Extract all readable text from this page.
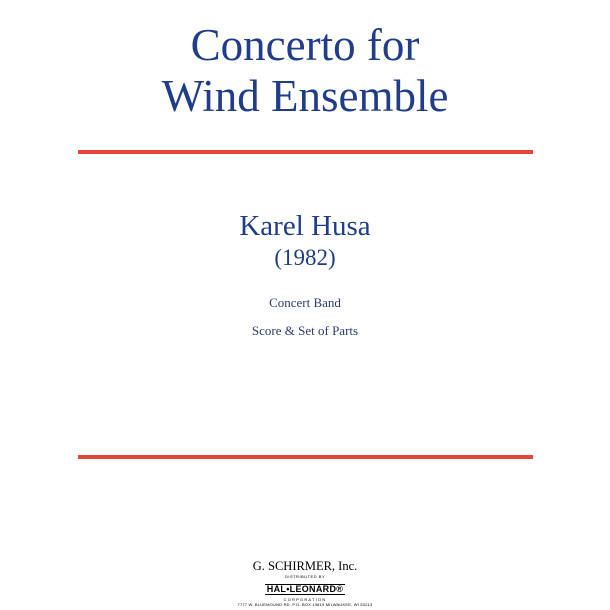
Concerto for
Wind Ensemble
Karel Husa
(1982)
Concert Band
Score & Set of Parts
G. SCHIRMER, Inc.
DISTRIBUTED BY
HAL•LEONARD®
CORPORATION
7777 W. BLUEMOUND RD. P.O. BOX 13819 MILWAUKEE, WI 53213
